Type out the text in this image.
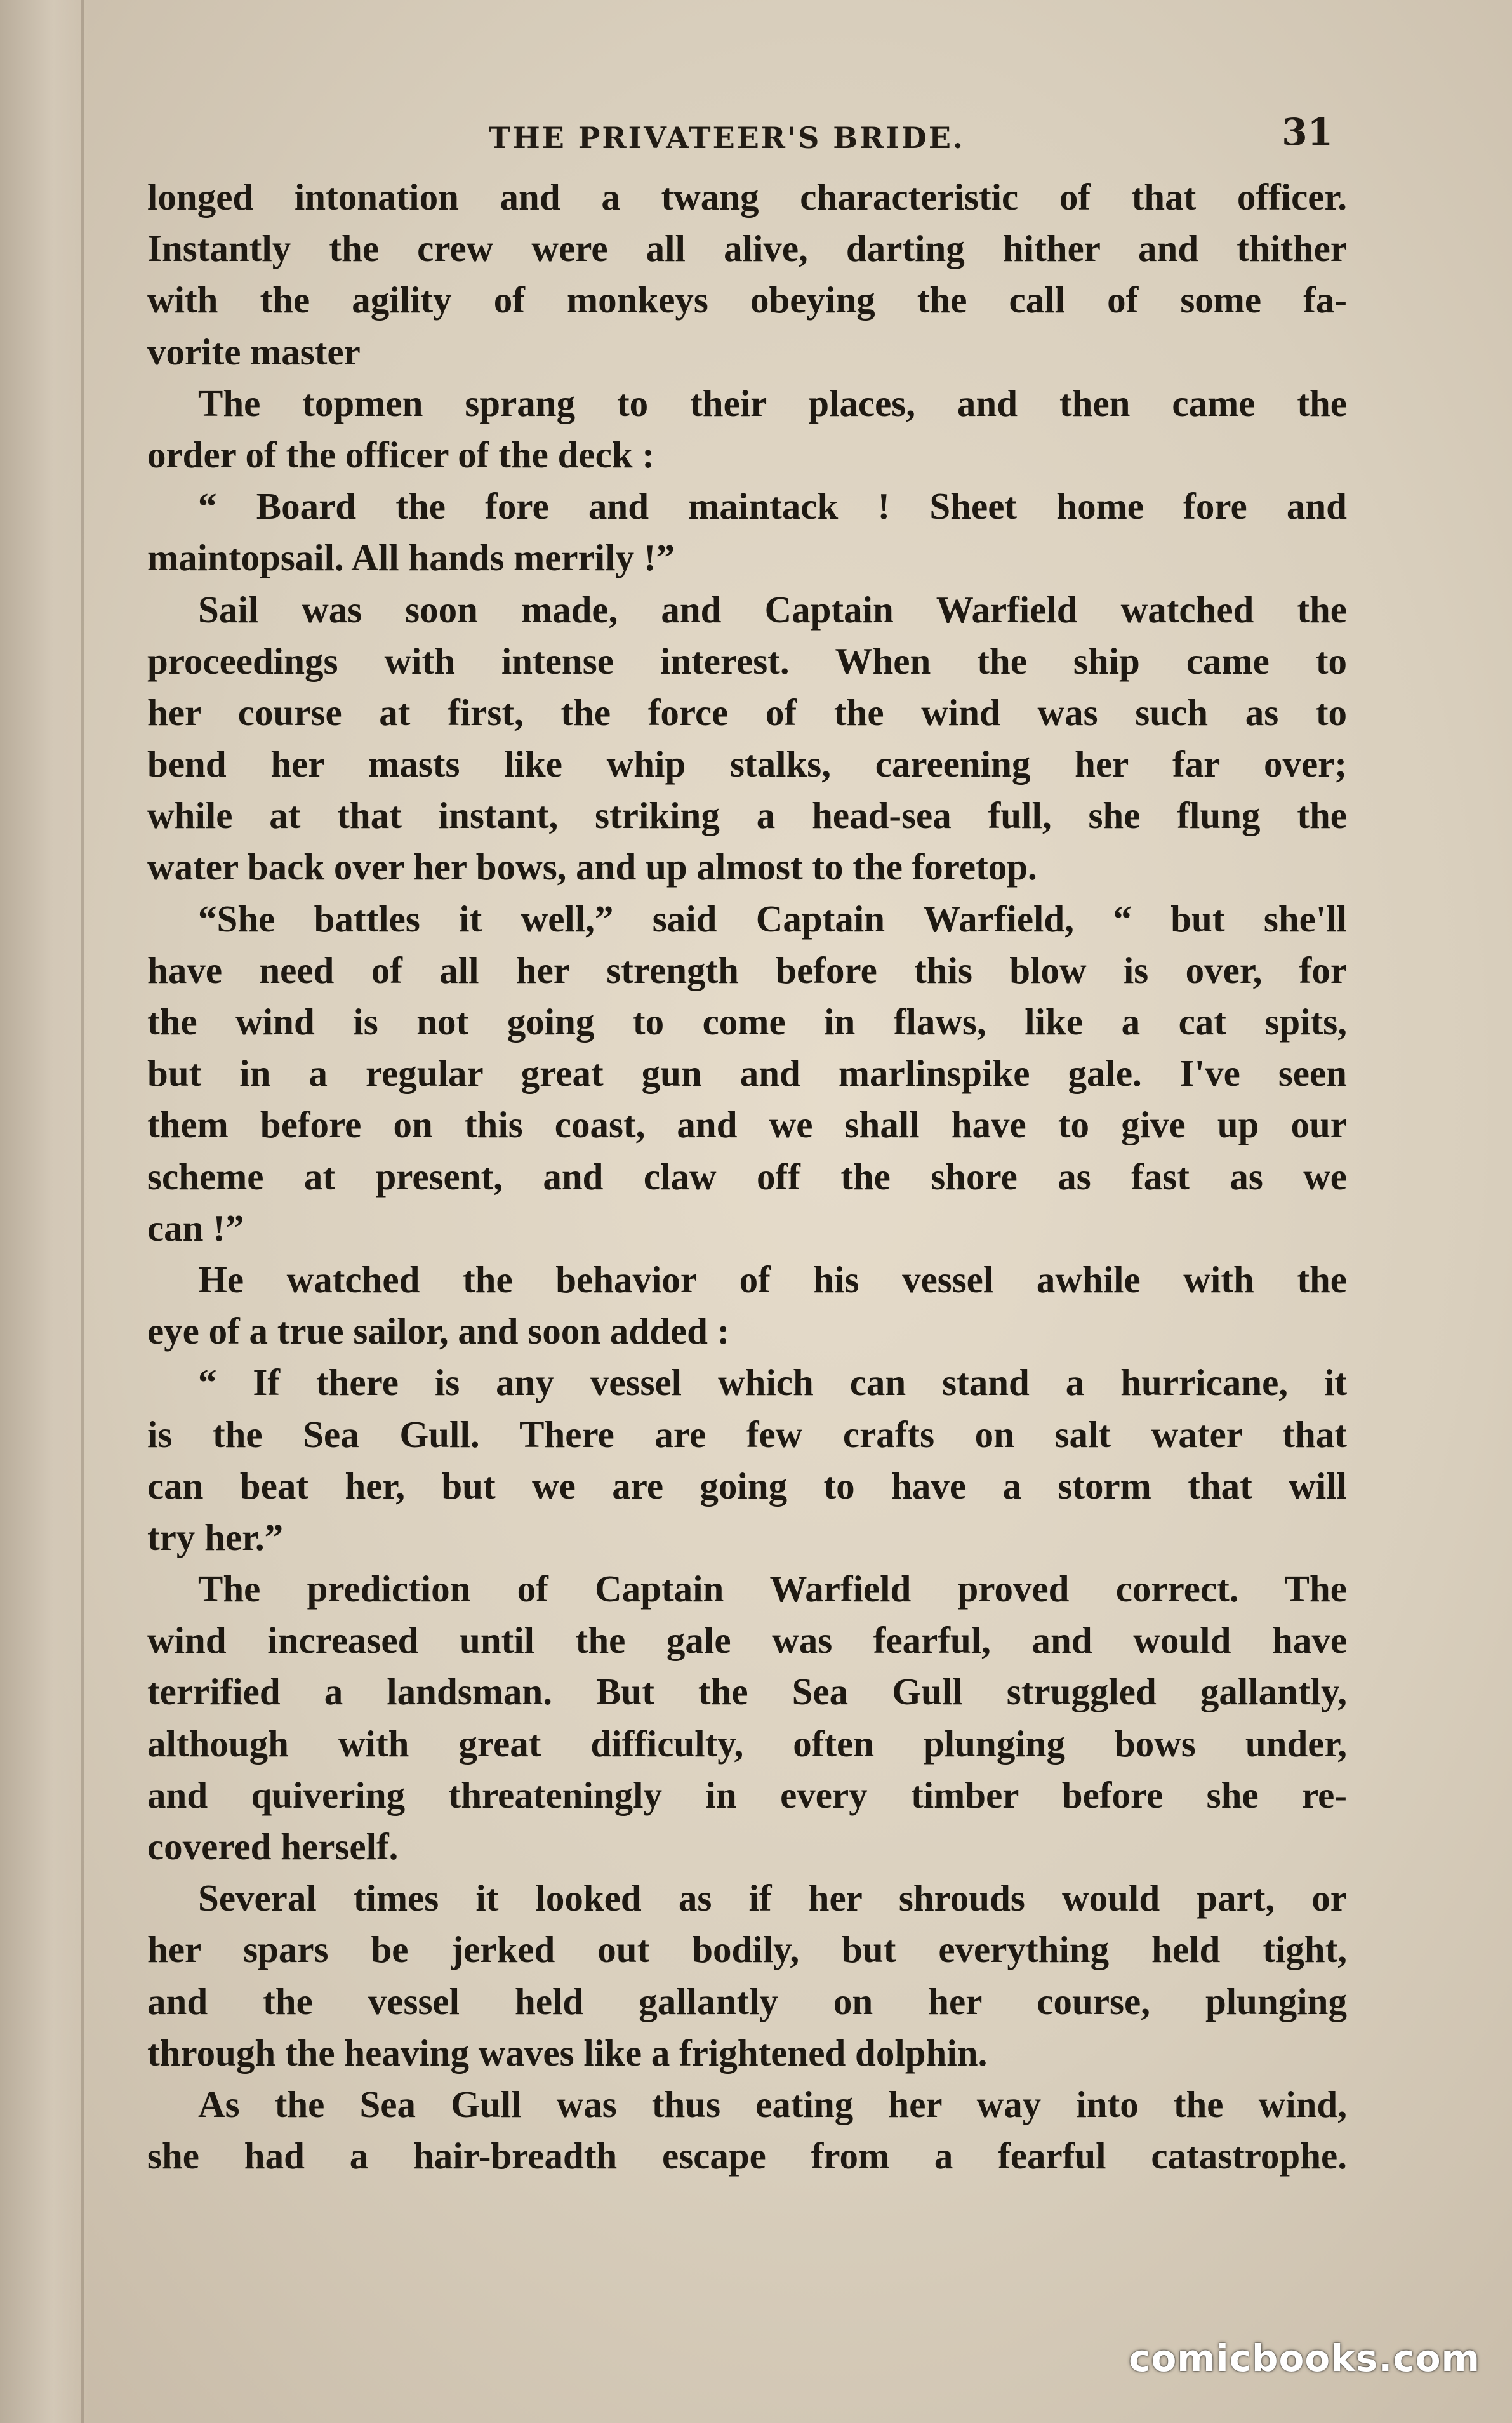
THE PRIVATEER'S BRIDE.	31
longed intonation and a twang characteristic of that officer.
Instantly the crew were all alive, darting hither and thither
with the agility of monkeys obeying the call of some fa-
vorite master
The topmen sprang to their places, and then came the
order of the officer of the deck :
“ Board the fore and maintack ! Sheet home fore and
maintopsail. All hands merrily !”
Sail was soon made, and Captain Warfield watched the
proceedings with intense interest. When the ship came to
her course at first, the force of the wind was such as to
bend her masts like whip stalks, careening her far over;
while at that instant, striking a head-sea full, she flung the
water back over her bows, and up almost to the foretop.
“She battles it well,” said Captain Warfield, “ but she'll
have need of all her strength before this blow is over, for
the wind is not going to come in flaws, like a cat spits,
but in a regular great gun and marlinspike gale. I've seen
them before on this coast, and we shall have to give up our
scheme at present, and claw off the shore as fast as we
can !”
He watched the behavior of his vessel awhile with the
eye of a true sailor, and soon added :
“ If there is any vessel which can stand a hurricane, it
is the Sea Gull. There are few crafts on salt water that
can beat her, but we are going to have a storm that will
try her.”
The prediction of Captain Warfield proved correct. The
wind increased until the gale was fearful, and would have
terrified a landsman. But the Sea Gull struggled gallantly,
although with great difficulty, often plunging bows under,
and quivering threateningly in every timber before she re-
covered herself.
Several times it looked as if her shrouds would part, or
her spars be jerked out bodily, but everything held tight,
and the vessel held gallantly on her course, plunging
through the heaving waves like a frightened dolphin.
As the Sea Gull was thus eating her way into the wind,
she had a hair-breadth escape from a fearful catastrophe.
comicbooks.com
